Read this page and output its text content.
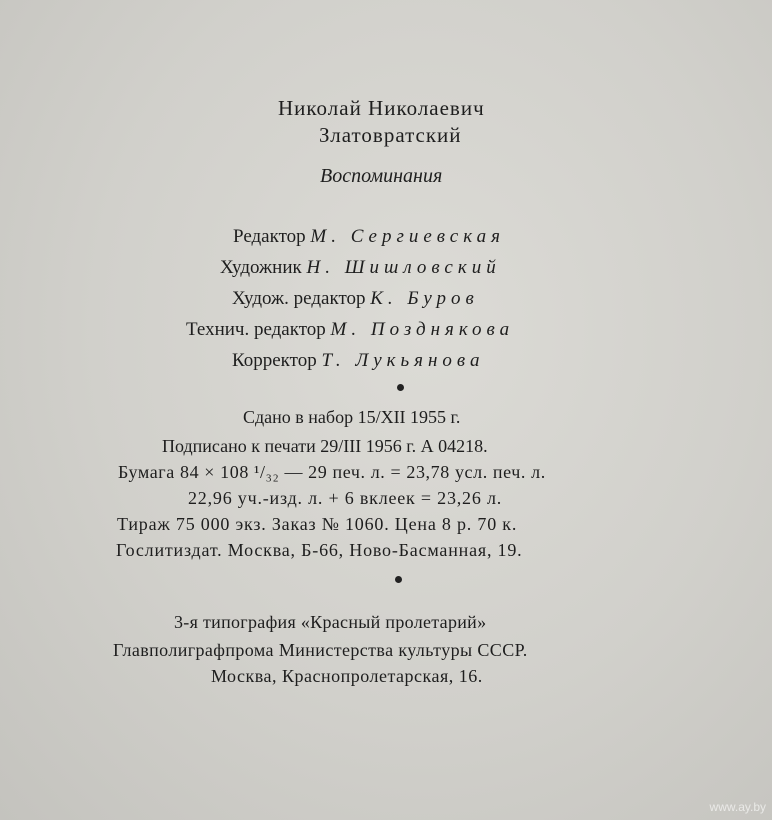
Николай Николаевич
Златовратский
Воспоминания
Редактор М. Сергиевская
Художник Н. Шишловский
Худож. редактор К. Буров
Технич. редактор М. Позднякова
Корректор Т. Лукьянова
Сдано в набор 15/XII 1955 г.
Подписано к печати 29/III 1956 г. А 04218.
Бумага 84 × 108 ¹/₃₂ — 29 печ. л. = 23,78 усл. печ. л.
22,96 уч.-изд. л. + 6 вклеек = 23,26 л.
Тираж 75 000 экз. Заказ № 1060. Цена 8 р. 70 к.
Гослитиздат. Москва, Б-66, Ново-Басманная, 19.
3-я типография «Красный пролетарий»
Главполиграфпрома Министерства культуры СССР.
Москва, Краснопролетарская, 16.
www.ay.by
